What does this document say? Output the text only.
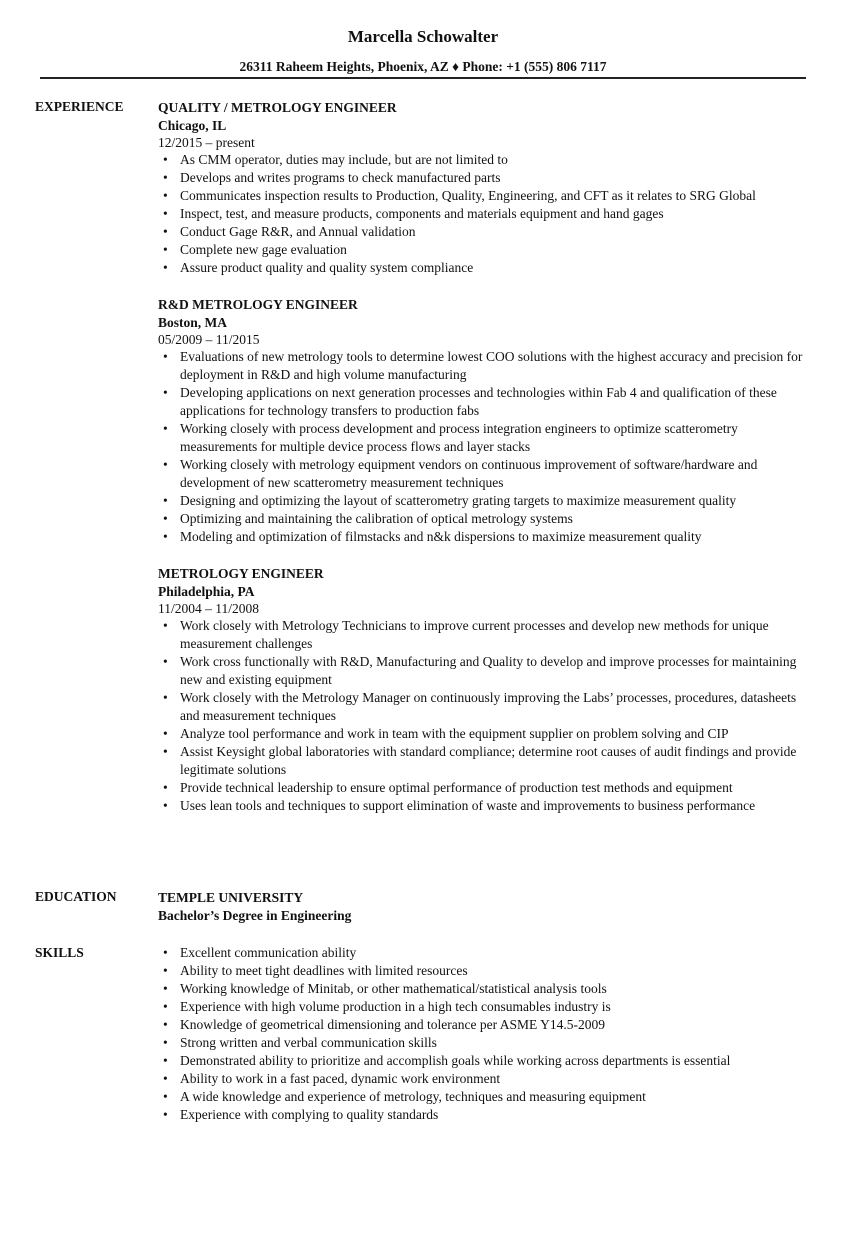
Marcella Schowalter
26311 Raheem Heights, Phoenix, AZ ♦ Phone: +1 (555) 806 7117
EXPERIENCE	QUALITY / METROLOGY ENGINEER
Chicago, IL
12/2015 – present
• As CMM operator, duties may include, but are not limited to
• Develops and writes programs to check manufactured parts
• Communicates inspection results to Production, Quality, Engineering, and CFT as it relates to SRG Global
• Inspect, test, and measure products, components and materials equipment and hand gages
• Conduct Gage R&R, and Annual validation
• Complete new gage evaluation
• Assure product quality and quality system compliance
R&D METROLOGY ENGINEER
Boston, MA
05/2009 – 11/2015
• Evaluations of new metrology tools to determine lowest COO solutions with the highest accuracy and precision for deployment in R&D and high volume manufacturing
• Developing applications on next generation processes and technologies within Fab 4 and qualification of these applications for technology transfers to production fabs
• Working closely with process development and process integration engineers to optimize scatterometry measurements for multiple device process flows and layer stacks
• Working closely with metrology equipment vendors on continuous improvement of software/hardware and development of new scatterometry measurement techniques
• Designing and optimizing the layout of scatterometry grating targets to maximize measurement quality
• Optimizing and maintaining the calibration of optical metrology systems
• Modeling and optimization of filmstacks and n&k dispersions to maximize measurement quality
METROLOGY ENGINEER
Philadelphia, PA
11/2004 – 11/2008
• Work closely with Metrology Technicians to improve current processes and develop new methods for unique measurement challenges
• Work cross functionally with R&D, Manufacturing and Quality to develop and improve processes for maintaining new and existing equipment
• Work closely with the Metrology Manager on continuously improving the Labs’ processes, procedures, datasheets and measurement techniques
• Analyze tool performance and work in team with the equipment supplier on problem solving and CIP
• Assist Keysight global laboratories with standard compliance; determine root causes of audit findings and provide legitimate solutions
• Provide technical leadership to ensure optimal performance of production test methods and equipment
• Uses lean tools and techniques to support elimination of waste and improvements to business performance
EDUCATION	TEMPLE UNIVERSITY
Bachelor’s Degree in Engineering
SKILLS
•	Excellent communication ability
• Ability to meet tight deadlines with limited resources
• Working knowledge of Minitab, or other mathematical/statistical analysis tools
• Experience with high volume production in a high tech consumables industry is
• Knowledge of geometrical dimensioning and tolerance per ASME Y14.5-2009
• Strong written and verbal communication skills
• Demonstrated ability to prioritize and accomplish goals while working across departments is essential
• Ability to work in a fast paced, dynamic work environment
• A wide knowledge and experience of metrology, techniques and measuring equipment
• Experience with complying to quality standards
